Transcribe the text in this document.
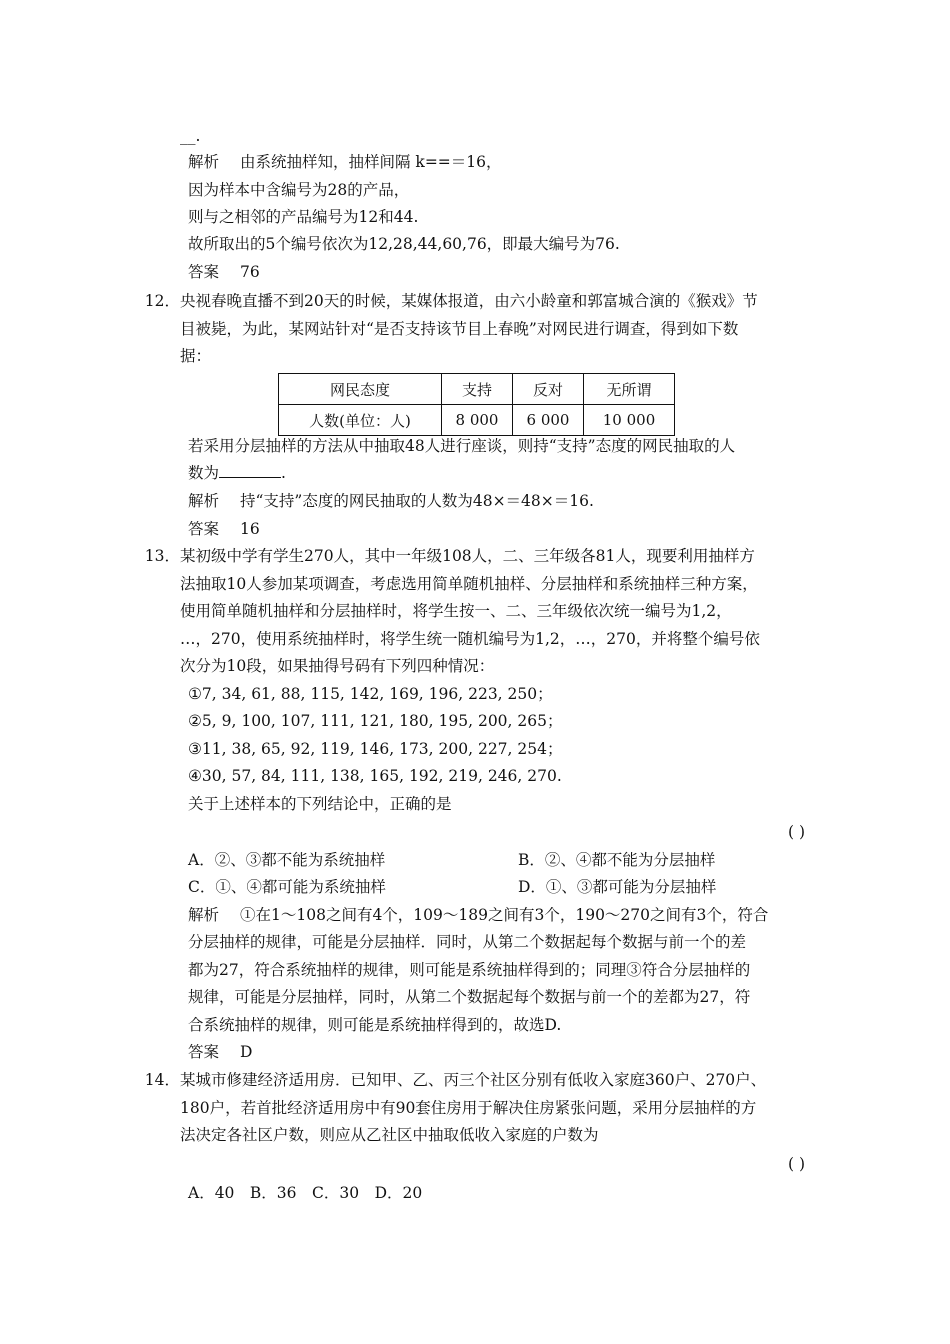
__.
解析 由系统抽样知，抽样间隔 k==＝16，
因为样本中含编号为28的产品，
则与之相邻的产品编号为12和44.
故所取出的5个编号依次为12,28,44,60,76，即最大编号为76.
答案 76
12．央视春晚直播不到20天的时候，某媒体报道，由六小龄童和郭富城合演的《猴戏》节
目被毙，为此，某网站针对“是否支持该节目上春晚”对网民进行调查，得到如下数
据：
网民态度	支持	反对	无所谓
人数(单位：人)	8 000	6 000	10 000
若采用分层抽样的方法从中抽取48人进行座谈，则持“支持”态度的网民抽取的人
数为	.
解析 持“支持”态度的网民抽取的人数为48×＝48×＝16.
答案 16
13．某初级中学有学生270人，其中一年级108人，二、三年级各81人，现要利用抽样方
法抽取10人参加某项调查，考虑选用简单随机抽样、分层抽样和系统抽样三种方案，
使用简单随机抽样和分层抽样时，将学生按一、二、三年级依次统一编号为1,2，
…，270，使用系统抽样时，将学生统一随机编号为1,2，…，270，并将整个编号依
次分为10段，如果抽得号码有下列四种情况：
①7, 34, 61, 88, 115, 142, 169, 196, 223, 250；
②5, 9, 100, 107, 111, 121, 180, 195, 200, 265；
③11, 38, 65, 92, 119, 146, 173, 200, 227, 254；
④30, 57, 84, 111, 138, 165, 192, 219, 246, 270.
关于上述样本的下列结论中，正确的是
( )
A．②、③都不能为系统抽样	B．②、④都不能为分层抽样
C．①、④都可能为系统抽样	D．①、③都可能为分层抽样
解析 ①在1～108之间有4个，109～189之间有3个，190～270之间有3个，符合
分层抽样的规律，可能是分层抽样．同时，从第二个数据起每个数据与前一个的差
都为27，符合系统抽样的规律，则可能是系统抽样得到的；同理③符合分层抽样的
规律，可能是分层抽样，同时，从第二个数据起每个数据与前一个的差都为27，符
合系统抽样的规律，则可能是系统抽样得到的，故选D.
答案 D
14．某城市修建经济适用房．已知甲、乙、丙三个社区分别有低收入家庭360户、270户、
180户，若首批经济适用房中有90套住房用于解决住房紧张问题，采用分层抽样的方
法决定各社区户数，则应从乙社区中抽取低收入家庭的户数为
( )
A．40　B．36　C．30　D．20
